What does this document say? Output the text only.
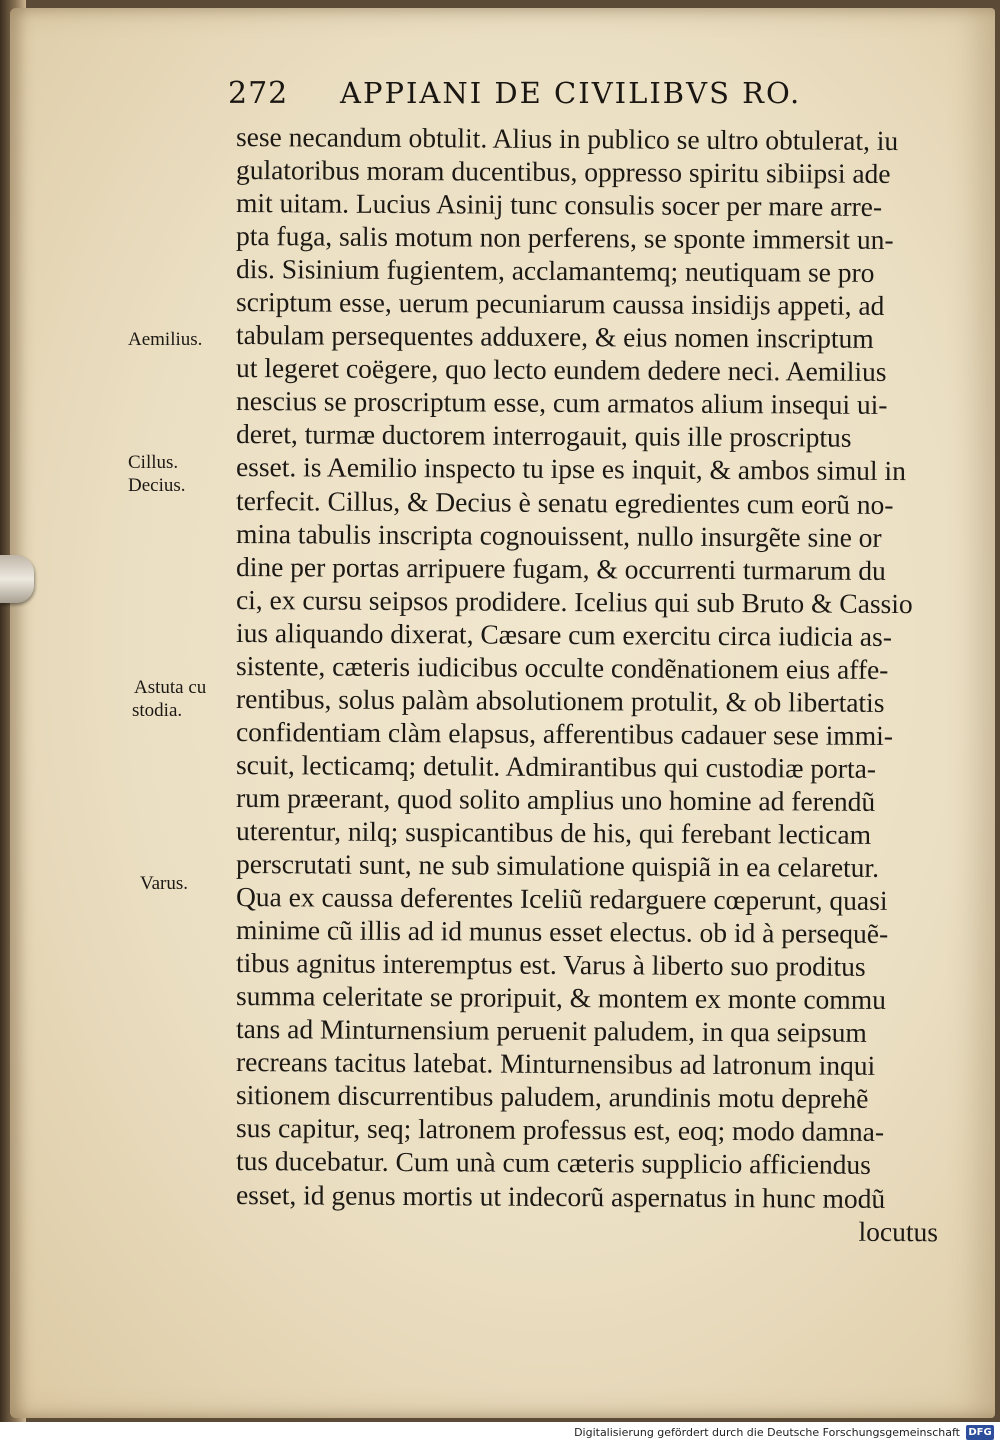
272	APPIANI DE CIVILIBVS RO.
Aemilius.
Cillus.
Decius.
Astuta cu
stodia.
Varus.
sese necandum obtulit. Alius in publico se ultro obtulerat, iu
gulatoribus moram ducentibus, oppresso spiritu sibiipsi ade
mit uitam. Lucius Asinij tunc consulis socer per mare arre-
pta fuga, salis motum non perferens, se sponte immersit un-
dis. Sisinium fugientem, acclamantemq; neutiquam se pro
scriptum esse, uerum pecuniarum caussa insidijs appeti, ad
tabulam persequentes adduxere, & eius nomen inscriptum
ut legeret coëgere, quo lecto eundem dedere neci. Aemilius
nescius se proscriptum esse, cum armatos alium insequi ui-
deret, turmæ ductorem interrogauit, quis ille proscriptus
esset. is Aemilio inspecto tu ipse es inquit, & ambos simul in
terfecit. Cillus, & Decius è senatu egredientes cum eorũ no-
mina tabulis inscripta cognouissent, nullo insurgẽte sine or
dine per portas arripuere fugam, & occurrenti turmarum du
ci, ex cursu seipsos prodidere. Icelius qui sub Bruto & Cassio
ius aliquando dixerat, Cæsare cum exercitu circa iudicia as-
sistente, cæteris iudicibus occulte condẽnationem eius affe-
rentibus, solus palàm absolutionem protulit, & ob libertatis
confidentiam clàm elapsus, afferentibus cadauer sese immi-
scuit, lecticamq; detulit. Admirantibus qui custodiæ porta-
rum præerant, quod solito amplius uno homine ad ferendũ
uterentur, nilq; suspicantibus de his, qui ferebant lecticam
perscrutati sunt, ne sub simulatione quispiã in ea celaretur.
Qua ex caussa deferentes Iceliũ redarguere cœperunt, quasi
minime cũ illis ad id munus esset electus. ob id à persequẽ-
tibus agnitus interemptus est. Varus à liberto suo proditus
summa celeritate se proripuit, & montem ex monte commu
tans ad Minturnensium peruenit paludem, in qua seipsum
recreans tacitus latebat. Minturnensibus ad latronum inqui
sitionem discurrentibus paludem, arundinis motu deprehẽ
sus capitur, seq; latronem professus est, eoq; modo damna-
tus ducebatur. Cum unà cum cæteris supplicio afficiendus
esset, id genus mortis ut indecorũ aspernatus in hunc modũ
locutus
Digitalisierung gefördert durch die Deutsche Forschungsgemeinschaft DFG
